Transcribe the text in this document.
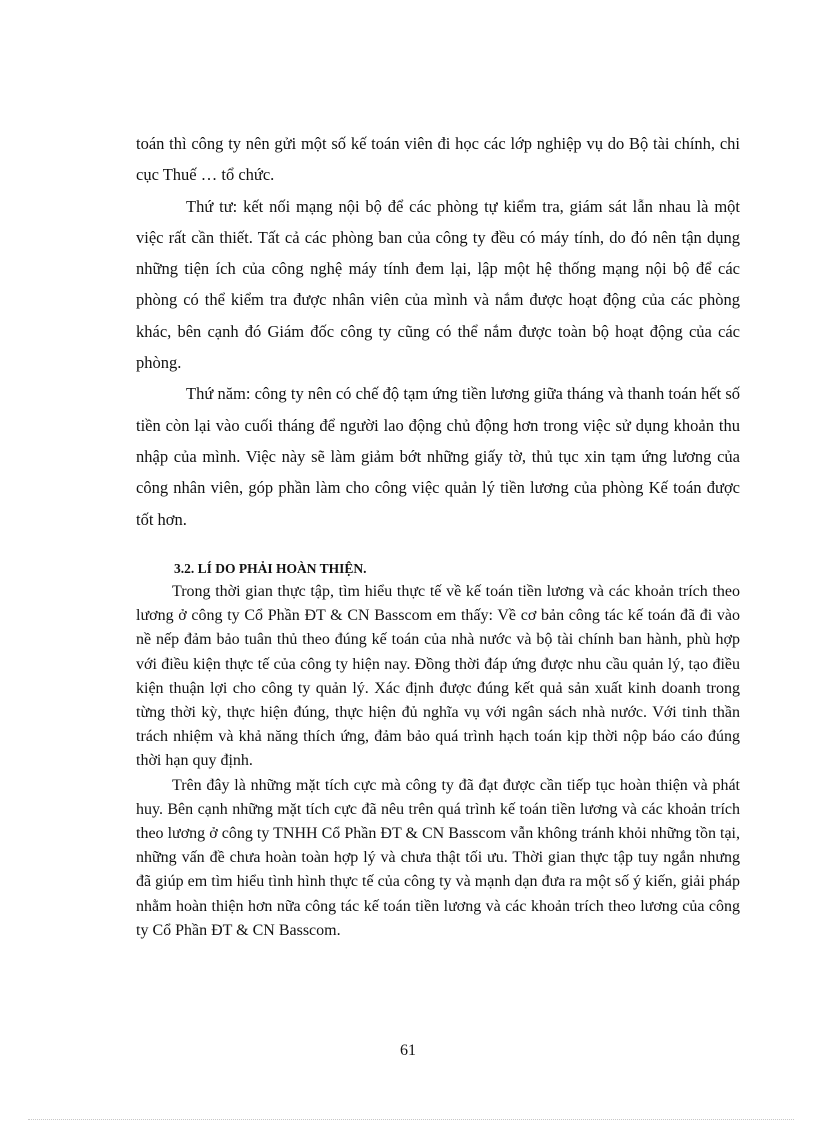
toán thì công ty nên gửi một số kế toán viên đi học các lớp nghiệp vụ do Bộ tài chính, chi cục Thuế … tổ chức.

Thứ tư: kết nối mạng nội bộ để các phòng tự kiểm tra, giám sát lẫn nhau là một việc rất cần thiết. Tất cả các phòng ban của công ty đều có máy tính, do đó nên tận dụng những tiện ích của công nghệ máy tính đem lại, lập một hệ thống mạng nội bộ để các phòng có thể kiểm tra được nhân viên của mình và nắm được hoạt động của các phòng khác, bên cạnh đó Giám đốc công ty cũng có thể nắm được toàn bộ hoạt động của các phòng.

Thứ năm: công ty nên có chế độ tạm ứng tiền lương giữa tháng và thanh toán hết số tiền còn lại vào cuối tháng để người lao động chủ động hơn trong việc sử dụng khoản thu nhập của mình. Việc này sẽ làm giảm bớt những giấy tờ, thủ tục xin tạm ứng lương của công nhân viên, góp phần làm cho công việc quản lý tiền lương của phòng Kế toán được tốt hơn.

3.2. LÍ DO PHẢI HOÀN THIỆN.

Trong thời gian thực tập, tìm hiểu thực tế về kế toán tiền lương và các khoản trích theo lương ở công ty Cổ Phần ĐT & CN Basscom em thấy: Về cơ bản công tác kế toán đã đi vào nề nếp đảm bảo tuân thủ theo đúng kế toán của nhà nước và bộ tài chính ban hành, phù hợp với điều kiện thực tế của công ty hiện nay. Đồng thời đáp ứng được nhu cầu quản lý, tạo điều kiện thuận lợi cho công ty quản lý. Xác định được đúng kết quả sản xuất kinh doanh trong từng thời kỳ, thực hiện đúng, thực hiện đủ nghĩa vụ với ngân sách nhà nước. Với tinh thần trách nhiệm và khả năng thích ứng, đảm bảo quá trình hạch toán kịp thời nộp báo cáo đúng thời hạn quy định.

Trên đây là những mặt tích cực mà công ty đã đạt được cần tiếp tục hoàn thiện và phát huy. Bên cạnh những mặt tích cực đã nêu trên quá trình kế toán tiền lương và các khoản trích theo lương ở công ty TNHH Cổ Phần ĐT & CN Basscom vẫn không tránh khỏi những tồn tại, những vấn đề chưa hoàn toàn hợp lý và chưa thật tối ưu. Thời gian thực tập tuy ngắn nhưng đã giúp em tìm hiểu tình hình thực tế của công ty và mạnh dạn đưa ra một số ý kiến, giải pháp nhằm hoàn thiện hơn nữa công tác kế toán tiền lương và các khoản trích theo lương của công ty Cổ Phần ĐT & CN Basscom.

61
